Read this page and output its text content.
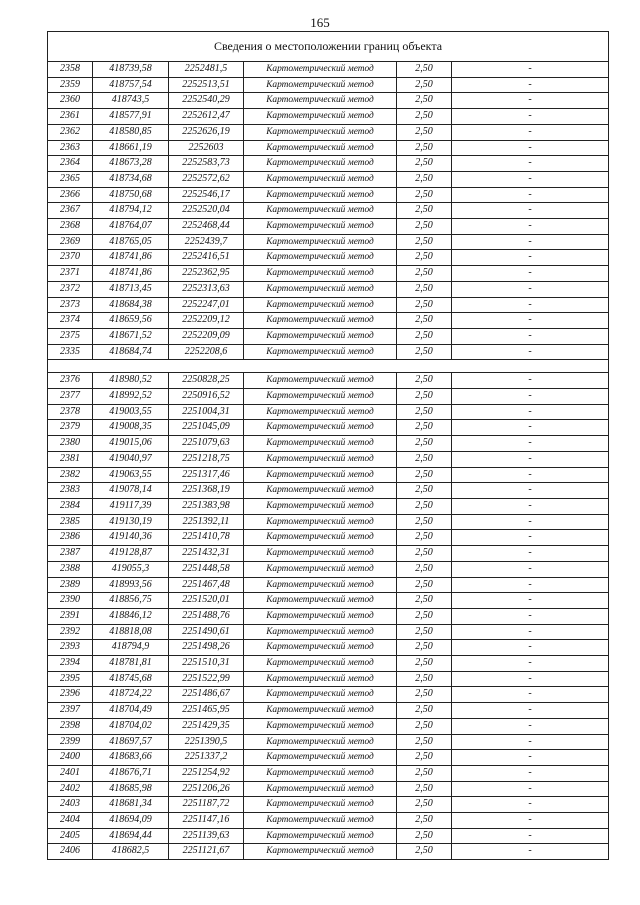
165
Сведения о местоположении границ объекта					
2358	418739,58	2252481,5	Картометрический метод	2,50	-
2359	418757,54	2252513,51	Картометрический метод	2,50	-
2360	418743,5	2252540,29	Картометрический метод	2,50	-
2361	418577,91	2252612,47	Картометрический метод	2,50	-
2362	418580,85	2252626,19	Картометрический метод	2,50	-
2363	418661,19	2252603	Картометрический метод	2,50	-
2364	418673,28	2252583,73	Картометрический метод	2,50	-
2365	418734,68	2252572,62	Картометрический метод	2,50	-
2366	418750,68	2252546,17	Картометрический метод	2,50	-
2367	418794,12	2252520,04	Картометрический метод	2,50	-
2368	418764,07	2252468,44	Картометрический метод	2,50	-
2369	418765,05	2252439,7	Картометрический метод	2,50	-
2370	418741,86	2252416,51	Картометрический метод	2,50	-
2371	418741,86	2252362,95	Картометрический метод	2,50	-
2372	418713,45	2252313,63	Картометрический метод	2,50	-
2373	418684,38	2252247,01	Картометрический метод	2,50	-
2374	418659,56	2252209,12	Картометрический метод	2,50	-
2375	418671,52	2252209,09	Картометрический метод	2,50	-
2335	418684,74	2252208,6	Картометрический метод	2,50	-

2376	418980,52	2250828,25	Картометрический метод	2,50	-
2377	418992,52	2250916,52	Картометрический метод	2,50	-
2378	419003,55	2251004,31	Картометрический метод	2,50	-
2379	419008,35	2251045,09	Картометрический метод	2,50	-
2380	419015,06	2251079,63	Картометрический метод	2,50	-
2381	419040,97	2251218,75	Картометрический метод	2,50	-
2382	419063,55	2251317,46	Картометрический метод	2,50	-
2383	419078,14	2251368,19	Картометрический метод	2,50	-
2384	419117,39	2251383,98	Картометрический метод	2,50	-
2385	419130,19	2251392,11	Картометрический метод	2,50	-
2386	419140,36	2251410,78	Картометрический метод	2,50	-
2387	419128,87	2251432,31	Картометрический метод	2,50	-
2388	419055,3	2251448,58	Картометрический метод	2,50	-
2389	418993,56	2251467,48	Картометрический метод	2,50	-
2390	418856,75	2251520,01	Картометрический метод	2,50	-
2391	418846,12	2251488,76	Картометрический метод	2,50	-
2392	418818,08	2251490,61	Картометрический метод	2,50	-
2393	418794,9	2251498,26	Картометрический метод	2,50	-
2394	418781,81	2251510,31	Картометрический метод	2,50	-
2395	418745,68	2251522,99	Картометрический метод	2,50	-
2396	418724,22	2251486,67	Картометрический метод	2,50	-
2397	418704,49	2251465,95	Картометрический метод	2,50	-
2398	418704,02	2251429,35	Картометрический метод	2,50	-
2399	418697,57	2251390,5	Картометрический метод	2,50	-
2400	418683,66	2251337,2	Картометрический метод	2,50	-
2401	418676,71	2251254,92	Картометрический метод	2,50	-
2402	418685,98	2251206,26	Картометрический метод	2,50	-
2403	418681,34	2251187,72	Картометрический метод	2,50	-
2404	418694,09	2251147,16	Картометрический метод	2,50	-
2405	418694,44	2251139,63	Картометрический метод	2,50	-
2406	418682,5	2251121,67	Картометрический метод	2,50	-
